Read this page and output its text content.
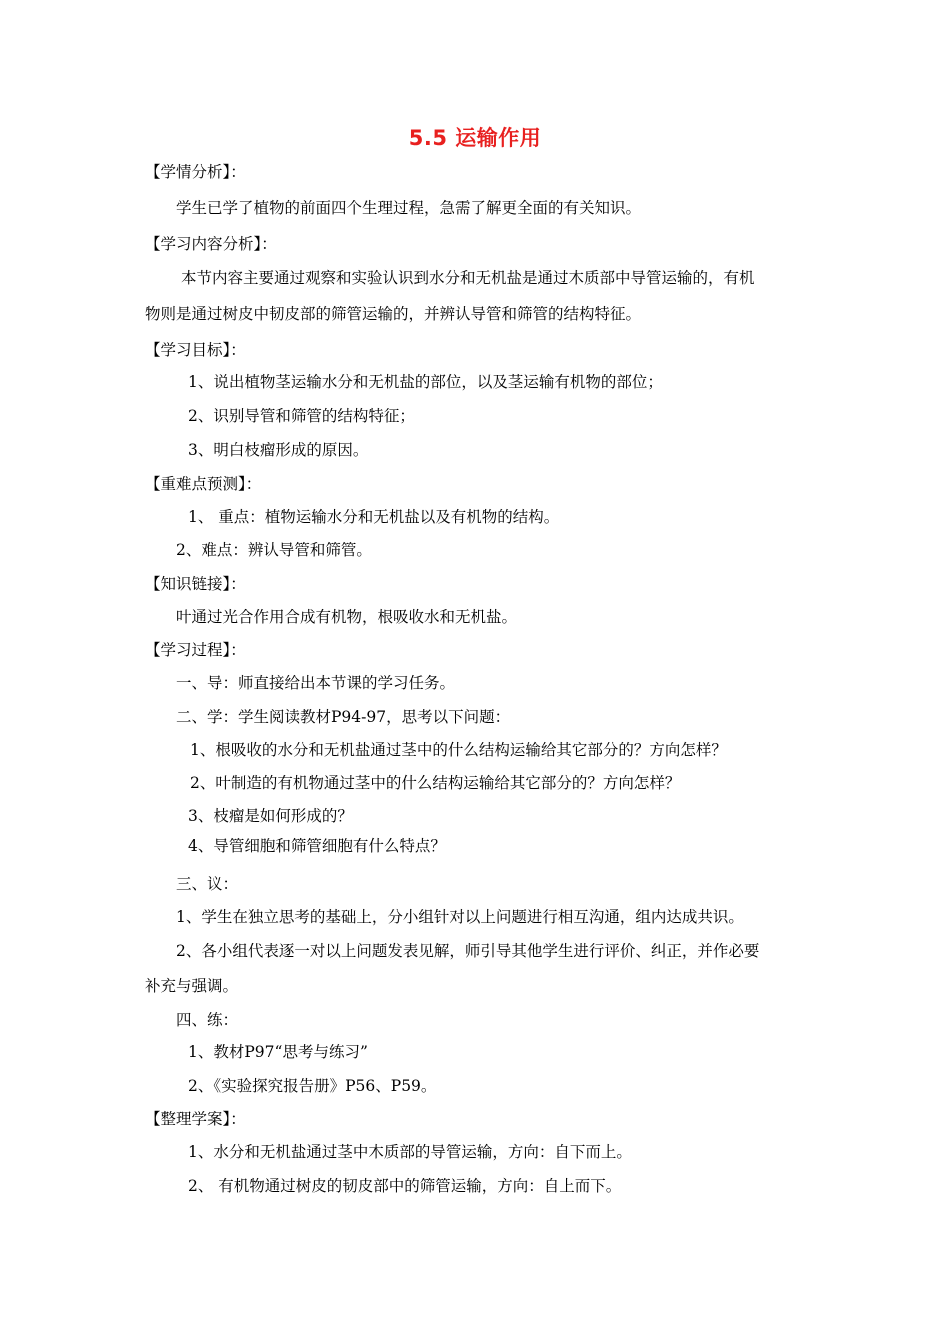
5.5 运输作用
【学情分析】：
学生已学了植物的前面四个生理过程，急需了解更全面的有关知识。
【学习内容分析】：
本节内容主要通过观察和实验认识到水分和无机盐是通过木质部中导管运输的，有机
物则是通过树皮中韧皮部的筛管运输的，并辨认导管和筛管的结构特征。
【学习目标】：
1、说出植物茎运输水分和无机盐的部位，以及茎运输有机物的部位；
2、识别导管和筛管的结构特征；
3、明白枝瘤形成的原因。
【重难点预测】：
1、 重点：植物运输水分和无机盐以及有机物的结构。
2、难点：辨认导管和筛管。
【知识链接】：
叶通过光合作用合成有机物，根吸收水和无机盐。
【学习过程】：
一、导：师直接给出本节课的学习任务。
二、学：学生阅读教材P94-97，思考以下问题：
1、根吸收的水分和无机盐通过茎中的什么结构运输给其它部分的？方向怎样？
2、叶制造的有机物通过茎中的什么结构运输给其它部分的？方向怎样？
3、枝瘤是如何形成的？
4、导管细胞和筛管细胞有什么特点？
三、议：
1、学生在独立思考的基础上，分小组针对以上问题进行相互沟通，组内达成共识。
2、各小组代表逐一对以上问题发表见解，师引导其他学生进行评价、纠正，并作必要
补充与强调。
四、练：
1、教材P97“思考与练习”
2、《实验探究报告册》P56、P59。
【整理学案】：
1、水分和无机盐通过茎中木质部的导管运输，方向：自下而上。
2、 有机物通过树皮的韧皮部中的筛管运输，方向：自上而下。
